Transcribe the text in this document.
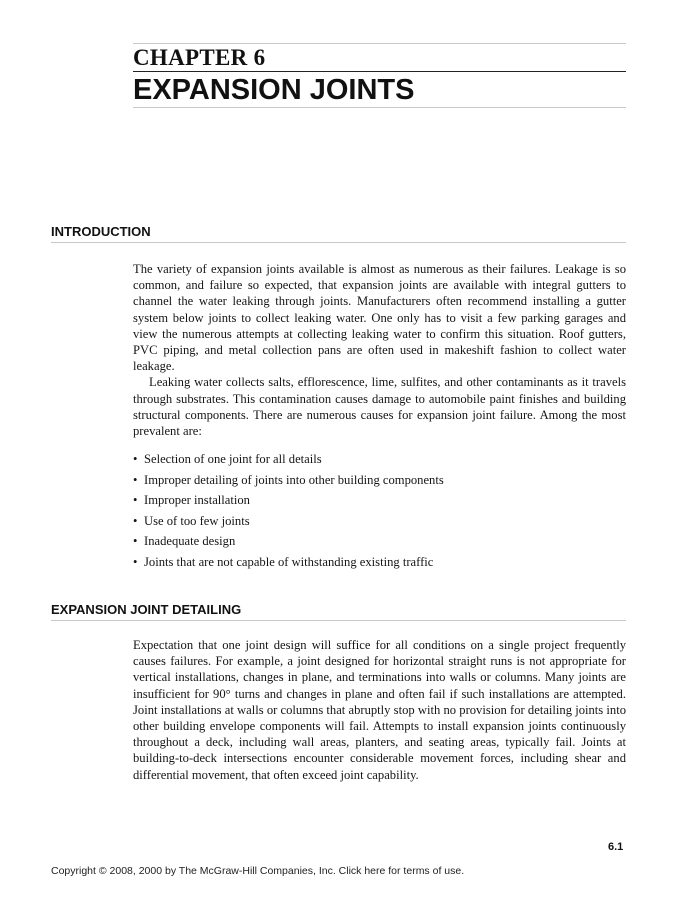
CHAPTER 6
EXPANSION JOINTS
INTRODUCTION

The variety of expansion joints available is almost as numerous as their failures. Leakage is so common, and failure so expected, that expansion joints are available with integral gutters to channel the water leaking through joints. Manufacturers often recommend installing a gutter system below joints to collect leaking water. One only has to visit a few parking garages and view the numerous attempts at collecting leaking water to confirm this situation. Roof gutters, PVC piping, and metal collection pans are often used in makeshift fashion to collect water leakage.

Leaking water collects salts, efflorescence, lime, sulfites, and other contaminants as it travels through substrates. This contamination causes damage to automobile paint finishes and building structural components. There are numerous causes for expansion joint failure. Among the most prevalent are:

• Selection of one joint for all details
• Improper detailing of joints into other building components
• Improper installation
• Use of too few joints
• Inadequate design
• Joints that are not capable of withstanding existing traffic
EXPANSION JOINT DETAILING

Expectation that one joint design will suffice for all conditions on a single project frequently causes failures. For example, a joint designed for horizontal straight runs is not appropriate for vertical installations, changes in plane, and terminations into walls or columns. Many joints are insufficient for 90° turns and changes in plane and often fail if such installations are attempted. Joint installations at walls or columns that abruptly stop with no provision for detailing joints into other building envelope components will fail. Attempts to install expansion joints continuously throughout a deck, including wall areas, planters, and seating areas, typically fail. Joints at building-to-deck intersections encounter considerable movement forces, including shear and differential movement, that often exceed joint capability.

6.1
Copyright © 2008, 2000 by The McGraw-Hill Companies, Inc. Click here for terms of use.
